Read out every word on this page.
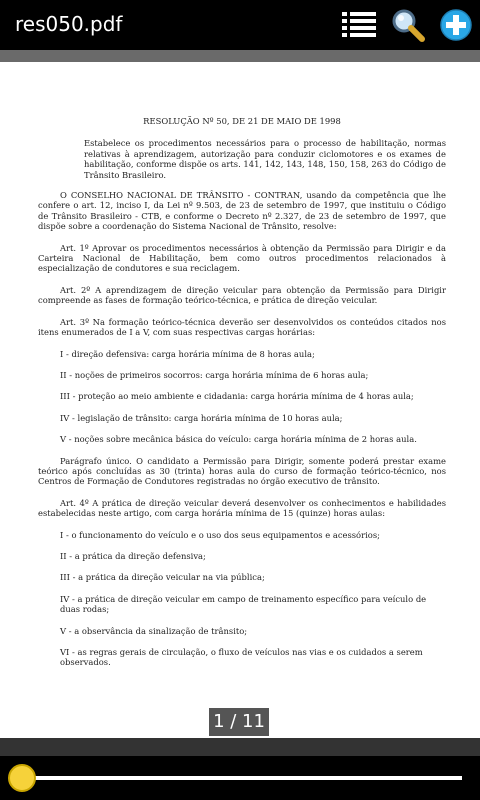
res050.pdf

RESOLUÇÃO Nº 50, DE 21 DE MAIO DE 1998

Estabelece os procedimentos necessários para o processo de habilitação, normas relativas à aprendizagem, autorização para conduzir ciclomotores e os exames de habilitação, conforme dispõe os arts. 141, 142, 143, 148, 150, 158, 263 do Código de Trânsito Brasileiro.

O CONSELHO NACIONAL DE TRÂNSITO - CONTRAN, usando da competência que lhe confere o art. 12, inciso I, da Lei nº 9.503, de 23 de setembro de 1997, que instituiu o Código de Trânsito Brasileiro - CTB, e conforme o Decreto nº 2.327, de 23 de setembro de 1997, que dispõe sobre a coordenação do Sistema Nacional de Trânsito, resolve:

Art. 1º Aprovar os procedimentos necessários à obtenção da Permissão para Dirigir e da Carteira Nacional de Habilitação, bem como outros procedimentos relacionados à especialização de condutores e sua reciclagem.

Art. 2º A aprendizagem de direção veicular para obtenção da Permissão para Dirigir compreende as fases de formação teórico-técnica, e prática de direção veicular.

Art. 3º Na formação teórico-técnica deverão ser desenvolvidos os conteúdos citados nos itens enumerados de I a V, com suas respectivas cargas horárias:

I - direção defensiva: carga horária mínima de 8 horas aula;

II - noções de primeiros socorros: carga horária mínima de 6 horas aula;

III - proteção ao meio ambiente e cidadania: carga horária mínima de 4 horas aula;

IV - legislação de trânsito: carga horária mínima de 10 horas aula;

V - noções sobre mecânica básica do veículo: carga horária mínima de 2 horas aula.

Parágrafo único. O candidato a Permissão para Dirigir, somente poderá prestar exame teórico após concluídas as 30 (trinta) horas aula do curso de formação teórico-técnico, nos Centros de Formação de Condutores registradas no órgão executivo de trânsito.

Art. 4º A prática de direção veicular deverá desenvolver os conhecimentos e habilidades estabelecidas neste artigo, com carga horária mínima de 15 (quinze) horas aulas:

I - o funcionamento do veículo e o uso dos seus equipamentos e acessórios;

II - a prática da direção defensiva;

III - a prática da direção veicular na via pública;

IV - a prática de direção veicular em campo de treinamento específico para veículo de duas rodas;

V - a observância da sinalização de trânsito;

VI - as regras gerais de circulação, o fluxo de veículos nas vias e os cuidados a serem observados.

1 / 11
